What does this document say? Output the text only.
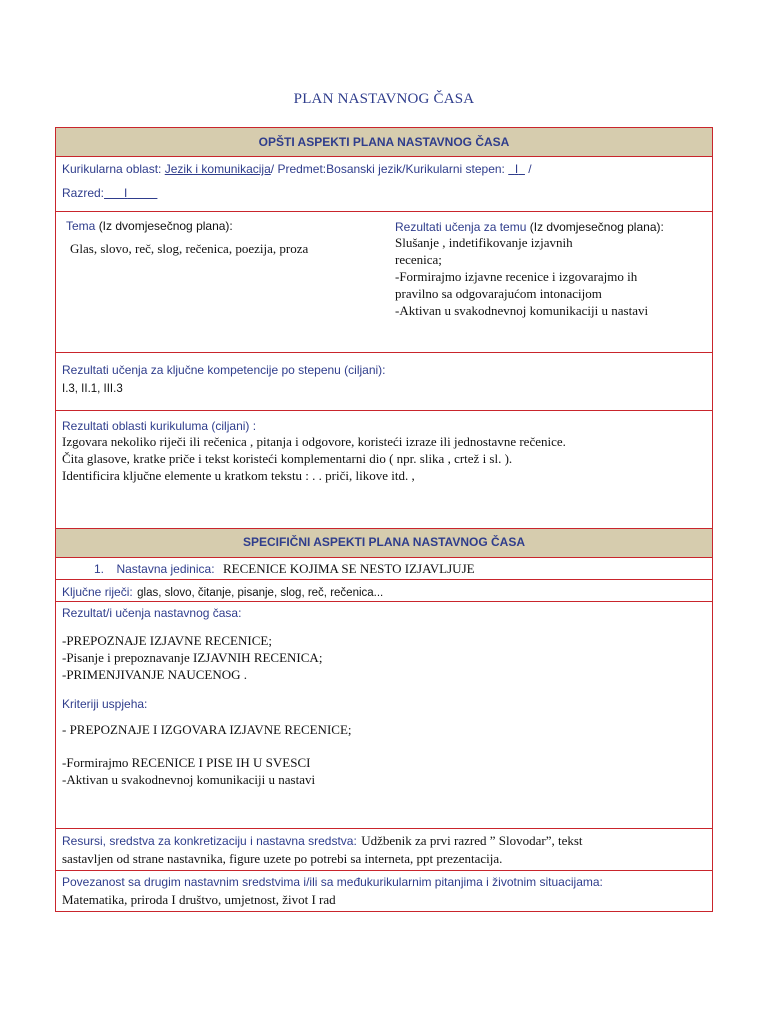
PLAN NASTAVNOG ČASA
OPŠTI ASPEKTI PLANA NASTAVNOG ČASA
Kurikularna oblast: Jezik i komunikacija/ Predmet:Bosanski jezik/Kurikularni stepen: I /
Razred: I
Tema (Iz dvomjesečnog plana):
Glas, slovo, reč, slog, rečenica, poezija, proza
Rezultati učenja za temu (Iz dvomjesečnog plana): Slušanje , indetifikovanje izjavnih
recenica;
-Formirajmo izjavne recenice i izgovarajmo ih
pravilno sa odgovarajućom intonacijom
-Aktivan u svakodnevnoj komunikaciji u nastavi
Rezultati učenja za ključne kompetencije po stepenu (ciljani):
I.3, II.1, III.3
Rezultati oblasti kurikuluma (ciljani) :
Izgovara nekoliko riječi ili rečenica , pitanja i odgovore, koristeći izraze ili jednostavne rečenice.
Čita glasove, kratke priče i tekst koristeći komplementarni dio ( npr. slika , crtež i sl. ).
Identificira ključne elemente u kratkom tekstu : . . priči, likove itd. ,
SPECIFIČNI ASPEKTI PLANA NASTAVNOG ČASA
1. Nastavna jedinica: RECENICE KOJIMA SE NESTO IZJAVLJUJE
Ključne riječi: glas, slovo, čitanje, pisanje, slog, reč, rečenica...
Rezultat/i učenja nastavnog časa:
-PREPOZNAJE IZJAVNE RECENICE;
-Pisanje i prepoznavanje IZJAVNIH RECENICA;
-PRIMENJIVANJE NAUCENOG .
Kriteriji uspjeha:
- PREPOZNAJE I IZGOVARA IZJAVNE RECENICE;
-Formirajmo RECENICE I PISE IH U SVESCI
-Aktivan u svakodnevnoj komunikaciji u nastavi
Resursi, sredstva za konkretizaciju i nastavna sredstva: Udžbenik za prvi razred ” Slovodar”, tekst
sastavljen od strane nastavnika, figure uzete po potrebi sa interneta, ppt prezentacija.
Povezanost sa drugim nastavnim sredstvima i/ili sa međukurikularnim pitanjima i životnim situacijama:
Matematika, priroda I društvo, umjetnost, život I rad
